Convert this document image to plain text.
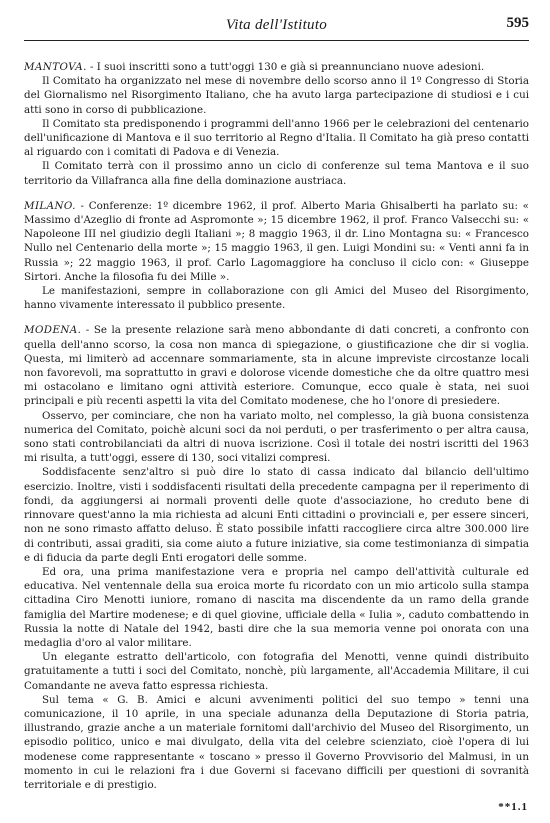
Vita dell'Istituto	595

MANTOVA. - I suoi inscritti sono a tutt'oggi 130 e già si preannunciano nuove adesioni.

Il Comitato ha organizzato nel mese di novembre dello scorso anno il 1º Congresso di Storia del Giornalismo nel Risorgimento Italiano, che ha avuto larga partecipazione di studiosi e i cui atti sono in corso di pubblicazione.

Il Comitato sta predisponendo i programmi dell'anno 1966 per le celebrazioni del centenario dell'unificazione di Mantova e il suo territorio al Regno d'Italia. Il Comitato ha già preso contatti al riguardo con i comitati di Padova e di Venezia.

Il Comitato terrà con il prossimo anno un ciclo di conferenze sul tema Mantova e il suo territorio da Villafranca alla fine della dominazione austriaca.

MILANO. - Conferenze: 1º dicembre 1962, il prof. Alberto Maria Ghisalberti ha parlato su: « Massimo d'Azeglio di fronte ad Aspromonte »; 15 dicembre 1962, il prof. Franco Valsecchi su: « Napoleone III nel giudizio degli Italiani »; 8 maggio 1963, il dr. Lino Montagna su: « Francesco Nullo nel Centenario della morte »; 15 maggio 1963, il gen. Luigi Mondini su: « Venti anni fa in Russia »; 22 maggio 1963, il prof. Carlo Lagomaggiore ha concluso il ciclo con: « Giuseppe Sirtori. Anche la filosofia fu dei Mille ».

Le manifestazioni, sempre in collaborazione con gli Amici del Museo del Risorgimento, hanno vivamente interessato il pubblico presente.

MODENA. - Se la presente relazione sarà meno abbondante di dati concreti, a confronto con quella dell'anno scorso, la cosa non manca di spiegazione, o giustificazione che dir si voglia. Questa, mi limiterò ad accennare sommariamente, sta in alcune impreviste circostanze locali non favorevoli, ma soprattutto in gravi e dolorose vicende domestiche che da oltre quattro mesi mi ostacolano e limitano ogni attività esteriore. Comunque, ecco quale è stata, nei suoi principali e più recenti aspetti la vita del Comitato modenese, che ho l'onore di presiedere.

Osservo, per cominciare, che non ha variato molto, nel complesso, la già buona consistenza numerica del Comitato, poichè alcuni soci da noi perduti, o per trasferimento o per altra causa, sono stati controbilanciati da altri di nuova iscrizione. Così il totale dei nostri iscritti del 1963 mi risulta, a tutt'oggi, essere di 130, soci vitalizi compresi.

Soddisfacente senz'altro si può dire lo stato di cassa indicato dal bilancio dell'ultimo esercizio. Inoltre, visti i soddisfacenti risultati della precedente campagna per il reperimento di fondi, da aggiungersi ai normali proventi delle quote d'associazione, ho creduto bene di rinnovare quest'anno la mia richiesta ad alcuni Enti cittadini o provinciali e, per essere sinceri, non ne sono rimasto affatto deluso. È stato possibile infatti raccogliere circa altre 300.000 lire di contributi, assai graditi, sia come aiuto a future iniziative, sia come testimonianza di simpatia e di fiducia da parte degli Enti erogatori delle somme.

Ed ora, una prima manifestazione vera e propria nel campo dell'attività culturale ed educativa. Nel ventennale della sua eroica morte fu ricordato con un mio articolo sulla stampa cittadina Ciro Menotti iuniore, romano di nascita ma discendente da un ramo della grande famiglia del Martire modenese; e di quel giovine, ufficiale della « Iulia », caduto combattendo in Russia la notte di Natale del 1942, basti dire che la sua memoria venne poi onorata con una medaglia d'oro al valor militare.

Un elegante estratto dell'articolo, con fotografia del Menotti, venne quindi distribuito gratuitamente a tutti i soci del Comitato, nonchè, più largamente, all'Accademia Militare, il cui Comandante ne aveva fatto espressa richiesta.

Sul tema « G. B. Amici e alcuni avvenimenti politici del suo tempo » tenni una comunicazione, il 10 aprile, in una speciale adunanza della Deputazione di Storia patria, illustrando, grazie anche a un materiale fornitomi dall'archivio del Museo del Risorgimento, un episodio politico, unico e mai divulgato, della vita del celebre scienziato, cioè l'opera di lui modenese come rappresentante « toscano » presso il Governo Provvisorio del Malmusi, in un momento in cui le relazioni fra i due Governi si facevano difficili per questioni di sovranità territoriale e di prestigio.

**1.1
